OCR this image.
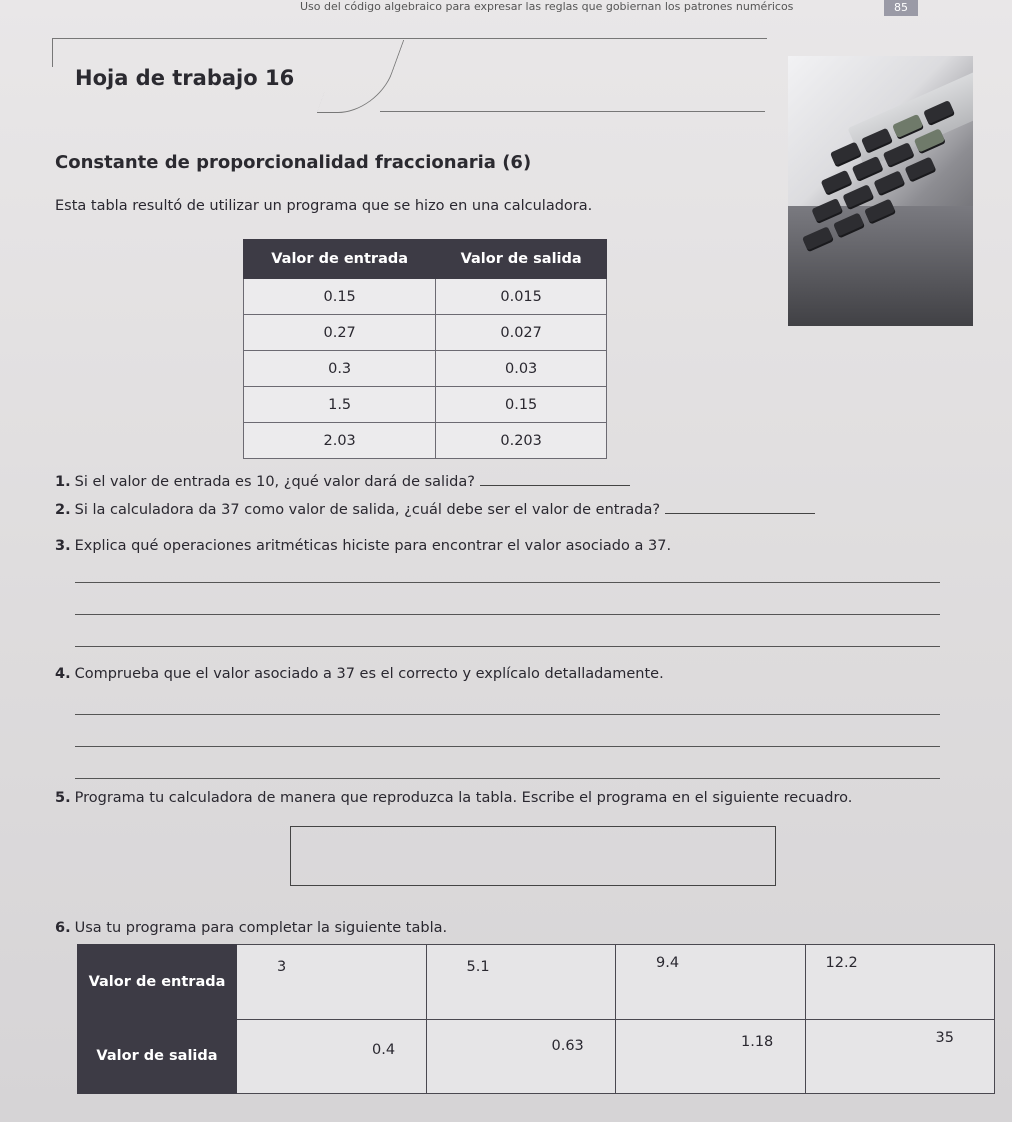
Uso del código algebraico para expresar las reglas que gobiernan los patrones numéricos	85
Hoja de trabajo 16
Constante de proporcionalidad fraccionaria (6)
Esta tabla resultó de utilizar un programa que se hizo en una calculadora.
Valor de entrada	Valor de salida
0.15	0.015
0.27	0.027
0.3	0.03
1.5	0.15
2.03	0.203
1. Si el valor de entrada es 10, ¿qué valor dará de salida?
2. Si la calculadora da 37 como valor de salida, ¿cuál debe ser el valor de entrada?
3. Explica qué operaciones aritméticas hiciste para encontrar el valor asociado a 37.
4. Comprueba que el valor asociado a 37 es el correcto y explícalo detalladamente.
5. Programa tu calculadora de manera que reproduzca la tabla. Escribe el programa en el siguiente recuadro.
6. Usa tu programa para completar la siguiente tabla.
Valor de entrada	3	5.1	9.4	12.2

Valor de salida	0.4	0.63	1.18	35
